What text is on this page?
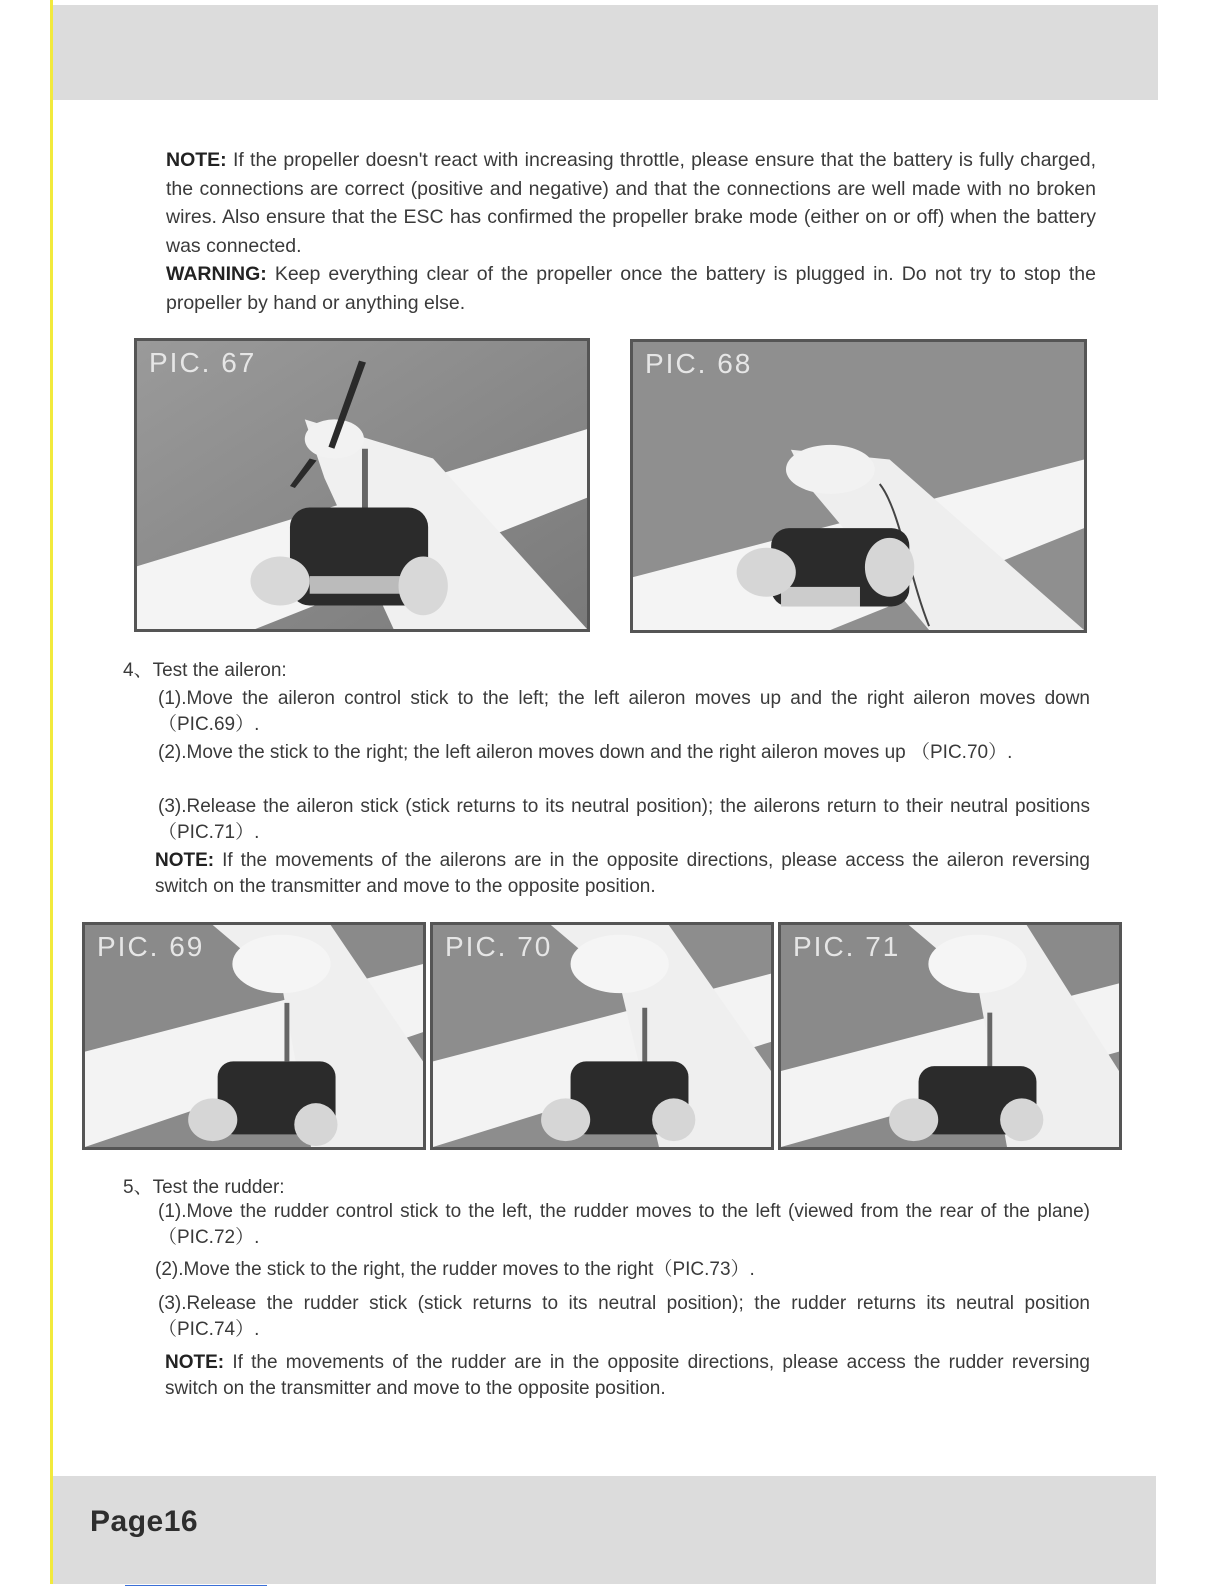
NOTE: If the propeller doesn't react with increasing throttle, please ensure that the battery is fully charged, the connections are correct (positive and negative) and that the connections are well made with no broken wires. Also ensure that the ESC has confirmed the propeller brake mode (either on or off) when the battery was connected.
WARNING: Keep everything clear of the propeller once the battery is plugged in. Do not try to stop the propeller by hand or anything else.

PIC. 67	PIC. 68
4、Test the aileron:
(1).Move the aileron control stick to the left; the left aileron moves up and the right aileron moves down（PIC.69）.
(2).Move the stick to the right; the left aileron moves down and the right aileron moves up （PIC.70）.
(3).Release the aileron stick (stick returns to its neutral position); the ailerons return to their neutral positions（PIC.71）.

NOTE: If the movements of the ailerons are in the opposite directions, please access the aileron reversing switch on the transmitter and move to the opposite position.

PIC. 69	PIC. 70	PIC. 71
5、Test the rudder:
(1).Move the rudder control stick to the left, the rudder moves to the left (viewed from the rear of the plane)（PIC.72）.
(2).Move the stick to the right, the rudder moves to the right（PIC.73）.
(3).Release the rudder stick (stick returns to its neutral position); the rudder returns its neutral position（PIC.74）.

NOTE: If the movements of the rudder are in the opposite directions, please access the rudder reversing switch on the transmitter and move to the opposite position.

Page16
